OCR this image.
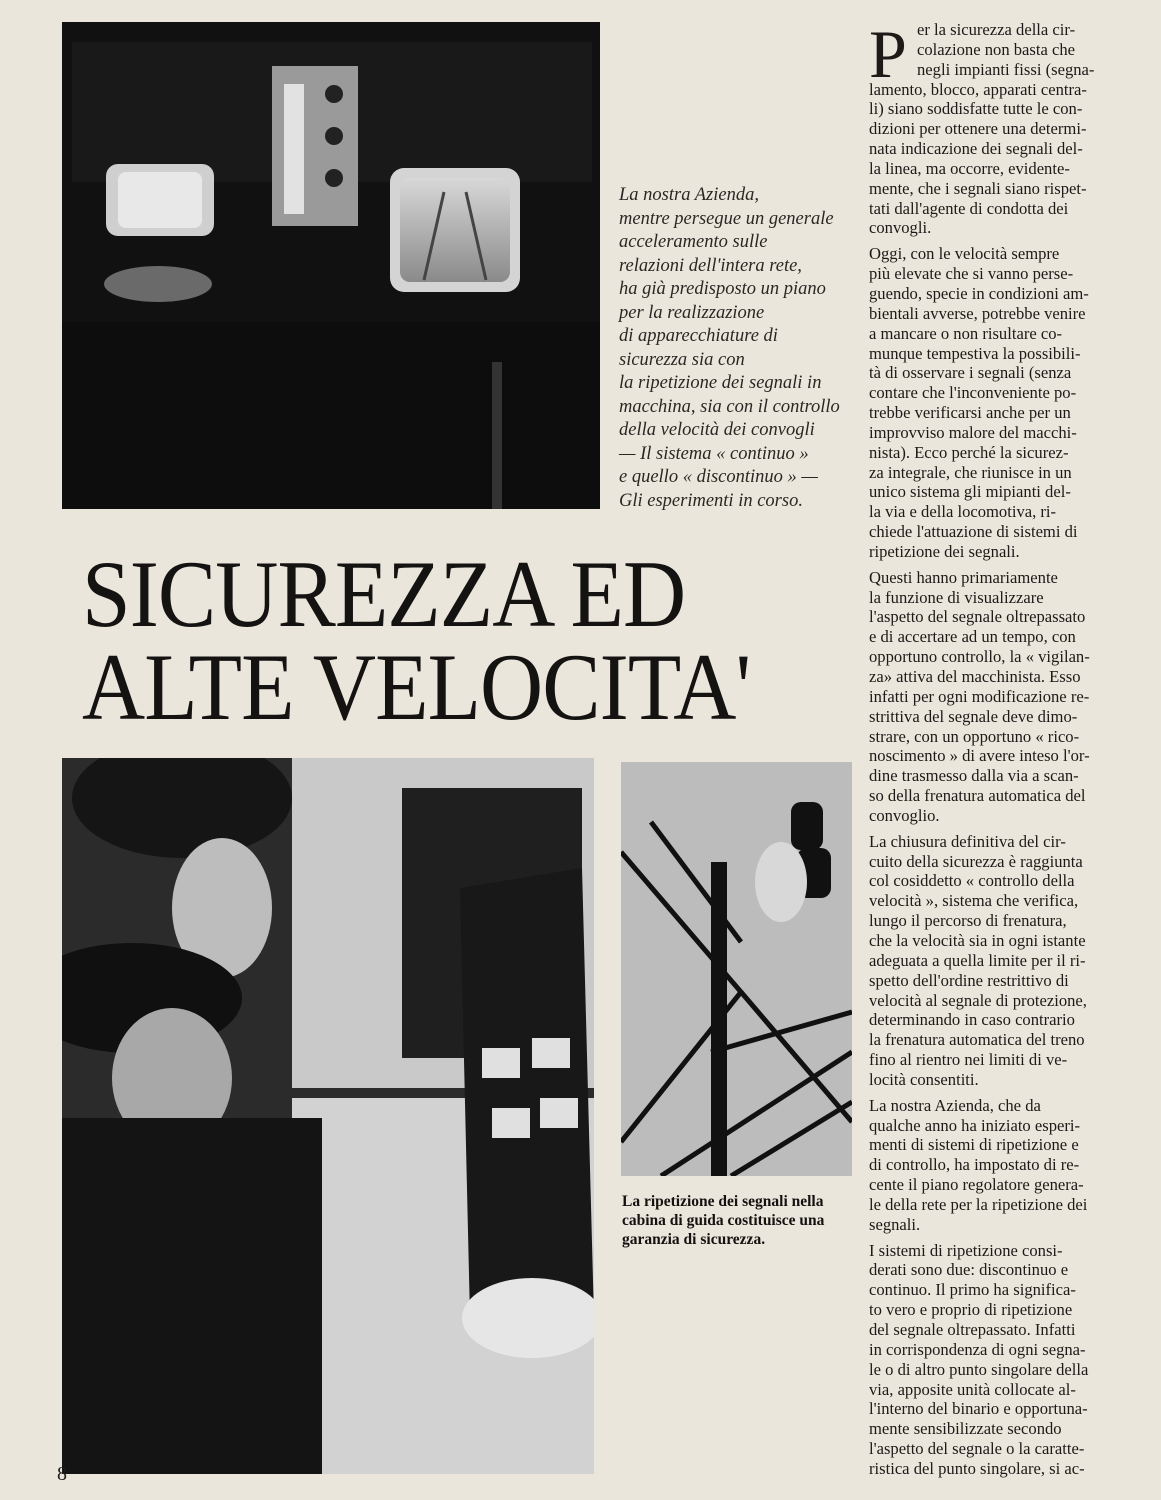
La nostra Azienda,
mentre persegue un generale
acceleramento sulle
relazioni dell'intera rete,
ha già predisposto un piano
per la realizzazione
di apparecchiature di
sicurezza sia con
la ripetizione dei segnali in
macchina, sia con il controllo
della velocità dei convogli
— Il sistema « continuo »
e quello « discontinuo » —
Gli esperimenti in corso.

SICUREZZA ED
ALTE VELOCITA'

La ripetizione dei segnali nella cabina di guida costituisce una garanzia di sicurezza.

P er la sicurezza della cir-
colazione non basta che
negli impianti fissi (segna-
lamento, blocco, apparati centra-
li) siano soddisfatte tutte le con-
dizioni per ottenere una determi-
nata indicazione dei segnali del-
la linea, ma occorre, evidente-
mente, che i segnali siano rispet-
tati dall'agente di condotta dei
convogli.
Oggi, con le velocità sempre
più elevate che si vanno perse-
guendo, specie in condizioni am-
bientali avverse, potrebbe venire
a mancare o non risultare co-
munque tempestiva la possibili-
tà di osservare i segnali (senza
contare che l'inconveniente po-
trebbe verificarsi anche per un
improvviso malore del macchi-
nista). Ecco perché la sicurez-
za integrale, che riunisce in un
unico sistema gli mipianti del-
la via e della locomotiva, ri-
chiede l'attuazione di sistemi di
ripetizione dei segnali.
Questi hanno primariamente
la funzione di visualizzare
l'aspetto del segnale oltrepassato
e di accertare ad un tempo, con
opportuno controllo, la « vigilan-
za» attiva del macchinista. Esso
infatti per ogni modificazione re-
strittiva del segnale deve dimo-
strare, con un opportuno « rico-
noscimento » di avere inteso l'or-
dine trasmesso dalla via a scan-
so della frenatura automatica del
convoglio.
La chiusura definitiva del cir-
cuito della sicurezza è raggiunta
col cosiddetto « controllo della
velocità », sistema che verifica,
lungo il percorso di frenatura,
che la velocità sia in ogni istante
adeguata a quella limite per il ri-
spetto dell'ordine restrittivo di
velocità al segnale di protezione,
determinando in caso contrario
la frenatura automatica del treno
fino al rientro nei limiti di ve-
locità consentiti.
La nostra Azienda, che da
qualche anno ha iniziato esperi-
menti di sistemi di ripetizione e
di controllo, ha impostato di re-
cente il piano regolatore genera-
le della rete per la ripetizione dei
segnali.
I sistemi di ripetizione consi-
derati sono due: discontinuo e
continuo. Il primo ha significa-
to vero e proprio di ripetizione
del segnale oltrepassato. Infatti
in corrispondenza di ogni segna-
le o di altro punto singolare della
via, apposite unità collocate al-
l'interno del binario e opportuna-
mente sensibilizzate secondo
l'aspetto del segnale o la caratte-
ristica del punto singolare, si ac-
8
